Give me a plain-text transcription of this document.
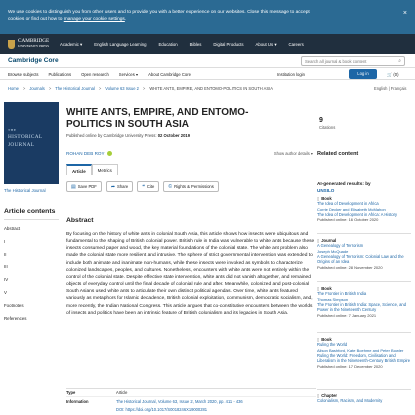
We use cookies to distinguish you from other users and to provide you with a better experience on our websites. Close this message to accept
cookies or find out how to manage your cookie settings.
×
CAMBRIDGE
UNIVERSITY PRESS	Academic ▾	English Language Learning	Education	Bibles	Digital Products	About Us ▾	Careers
Cambridge Core	Search all journal & book content	⌕
Browse subjects Publications Open research Services ▾ About Cambridge Core	Institution login	Log in	🛒 (0)
Home > Journals > The Historical Journal > Volume 63 Issue 2 > WHITE ANTS, EMPIRE, AND ENTOMO-POLITICS IN SOUTH ASIA	English | Français
THE
HISTORICAL
JOURNAL
The Historical Journal
Article contents
Abstract
I
II
III
IV
V
Footnotes
References
WHITE ANTS, EMPIRE, AND ENTOMO-POLITICS IN SOUTH ASIA
Published online by Cambridge University Press: 02 October 2019
9
Citations
ROHAN DEB ROY	Show author details ▾
Article	Metrics
▤ Save PDF	➦ Share	❝ Cite	© Rights & Permissions
Abstract

By focusing on the history of white ants in colonial South Asia, this article shows how insects were ubiquitous and fundamental to the shaping of British colonial power. British rule in India was vulnerable to white ants because these insects consumed paper and wood, the key material foundations of the colonial state. The white ant problem also made the colonial state more resilient and intrusive. The sphere of strict governmental intervention was extended to include both animate and inanimate non-humans, while these insects were invoked as symbols to characterize colonized landscapes, peoples, and cultures. Nonetheless, encounters with white ants were not entirely within the control of the colonial state. Despite effective state intervention, white ants did not vanish altogether, and remained objects of everyday control until the final decade of colonial rule and after. Meanwhile, colonized and post-colonial South Asians used white ants to articulate their own distinct political agendas. Over time, white ants featured variously as metaphors for Islamic decadence, British colonial exploitation, communism, democratic socialism, and, more recently, the Indian National Congress. This article argues that co-constitutive encounters between the worlds of insects and politics have been an intrinsic feature of British colonialism and its legacies in South Asia.

Type	Article
Information	The Historical Journal, Volume 63, Issue 2, March 2020, pp. 411 - 436
DOI: https://doi.org/10.1017/S0018246X19000281
Related content
AI-generated results: by
UNSILO
▯ Book
The Idea of Development in Africa
Corrie Decker and Elisabeth McMahon
The Idea of Development in Africa: A History
Published online: 16 October 2020
▯ Journal
A Genealogy of Terrorism
Joseph McQuade
A Genealogy of Terrorism: Colonial Law and the Origins of an Idea
Published online: 28 November 2020
▯ Book
The Frontier in British India
Thomas Simpson
The Frontier in British India: Space, Science, and Power in the Nineteenth Century
Published online: 7 January 2021
▯ Book
Ruling the World
Alison Bashford, Kate Boehme and Peter Bowler
Ruling the World: Freedom, Civilisation and Liberalism in the Nineteenth-Century British Empire
Published online: 17 December 2020
▯ Chapter
Colonialism, Racism, and Modernity
